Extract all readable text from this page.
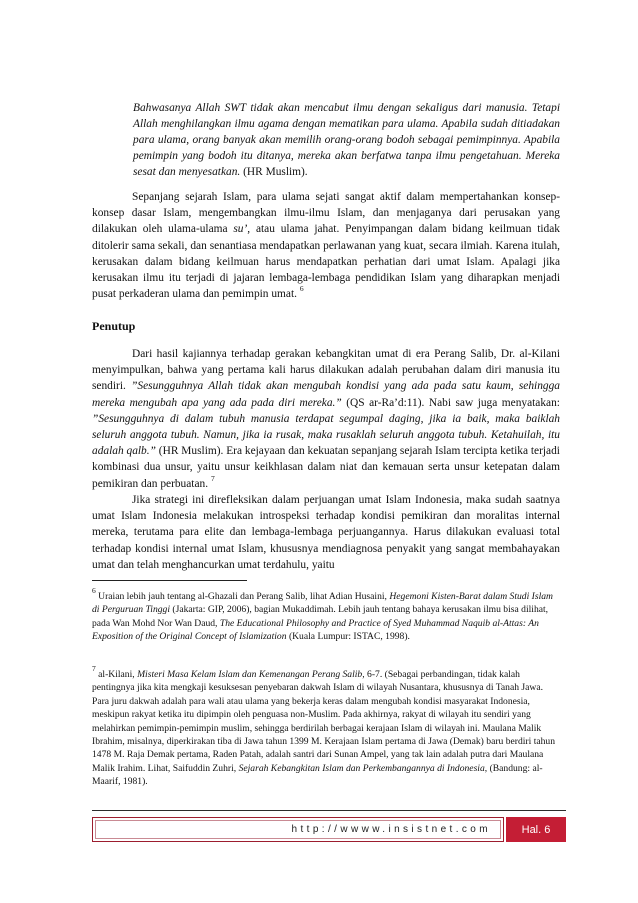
Bahwasanya Allah SWT tidak akan mencabut ilmu dengan sekaligus dari manusia. Tetapi Allah menghilangkan ilmu agama dengan mematikan para ulama. Apabila sudah ditiadakan para ulama, orang banyak akan memilih orang-orang bodoh sebagai pemimpinnya. Apabila pemimpin yang bodoh itu ditanya, mereka akan berfatwa tanpa ilmu pengetahuan. Mereka sesat dan menyesatkan. (HR Muslim).

Sepanjang sejarah Islam, para ulama sejati sangat aktif dalam mempertahankan konsep-konsep dasar Islam, mengembangkan ilmu-ilmu Islam, dan menjaganya dari perusakan yang dilakukan oleh ulama-ulama su’, atau ulama jahat. Penyimpangan dalam bidang keilmuan tidak ditolerir sama sekali, dan senantiasa mendapatkan perlawanan yang kuat, secara ilmiah. Karena itulah, kerusakan dalam bidang keilmuan harus mendapatkan perhatian dari umat Islam. Apalagi jika kerusakan ilmu itu terjadi di jajaran lembaga-lembaga pendidikan Islam yang diharapkan menjadi pusat perkaderan ulama dan pemimpin umat. $^6$

Penutup

Dari hasil kajiannya terhadap gerakan kebangkitan umat di era Perang Salib, Dr. al-Kilani menyimpulkan, bahwa yang pertama kali harus dilakukan adalah perubahan dalam diri manusia itu sendiri. ”Sesungguhnya Allah tidak akan mengubah kondisi yang ada pada satu kaum, sehingga mereka mengubah apa yang ada pada diri mereka.” (QS ar-Ra’d:11). Nabi saw juga menyatakan: ”Sesungguhnya di dalam tubuh manusia terdapat segumpal daging, jika ia baik, maka baiklah seluruh anggota tubuh. Namun, jika ia rusak, maka rusaklah seluruh anggota tubuh. Ketahuilah, itu adalah qalb.” (HR Muslim). Era kejayaan dan kekuatan sepanjang sejarah Islam tercipta ketika terjadi kombinasi dua unsur, yaitu unsur keikhlasan dalam niat dan kemauan serta unsur ketepatan dalam pemikiran dan perbuatan. $^7$

Jika strategi ini direfleksikan dalam perjuangan umat Islam Indonesia, maka sudah saatnya umat Islam Indonesia melakukan introspeksi terhadap kondisi pemikiran dan moralitas internal mereka, terutama para elite dan lembaga-lembaga perjuangannya. Harus dilakukan evaluasi total terhadap kondisi internal umat Islam, khususnya mendiagnosa penyakit yang sangat membahayakan umat dan telah menghancurkan umat terdahulu, yaitu

$^6$ Uraian lebih jauh tentang al-Ghazali dan Perang Salib, lihat Adian Husaini, Hegemoni Kisten-Barat dalam Studi Islam di Perguruan Tinggi (Jakarta: GIP, 2006), bagian Mukaddimah. Lebih jauh tentang bahaya kerusakan ilmu bisa dilihat, pada Wan Mohd Nor Wan Daud, The Educational Philosophy and Practice of Syed Muhammad Naquib al-Attas: An Exposition of the Original Concept of Islamization (Kuala Lumpur: ISTAC, 1998).

$^7$ al-Kilani, Misteri Masa Kelam Islam dan Kemenangan Perang Salib, 6-7. (Sebagai perbandingan, tidak kalah pentingnya jika kita mengkaji kesuksesan penyebaran dakwah Islam di wilayah Nusantara, khususnya di Tanah Jawa. Para juru dakwah adalah para wali atau ulama yang bekerja keras dalam mengubah kondisi masyarakat Indonesia, meskipun rakyat ketika itu dipimpin oleh penguasa non-Muslim. Pada akhirnya, rakyat di wilayah itu sendiri yang melahirkan pemimpin-pemimpin muslim, sehingga berdirilah berbagai kerajaan Islam di wilayah ini. Maulana Malik Ibrahim, misalnya, diperkirakan tiba di Jawa tahun 1399 M. Kerajaan Islam pertama di Jawa (Demak) baru berdiri tahun 1478 M. Raja Demak pertama, Raden Patah, adalah santri dari Sunan Ampel, yang tak lain adalah putra dari Maulana Malik Irahim. Lihat, Saifuddin Zuhri, Sejarah Kebangkitan Islam dan Perkembangannya di Indonesia, (Bandung: al-Maarif, 1981).

http://wwww.insistnet.com	Hal. 6
